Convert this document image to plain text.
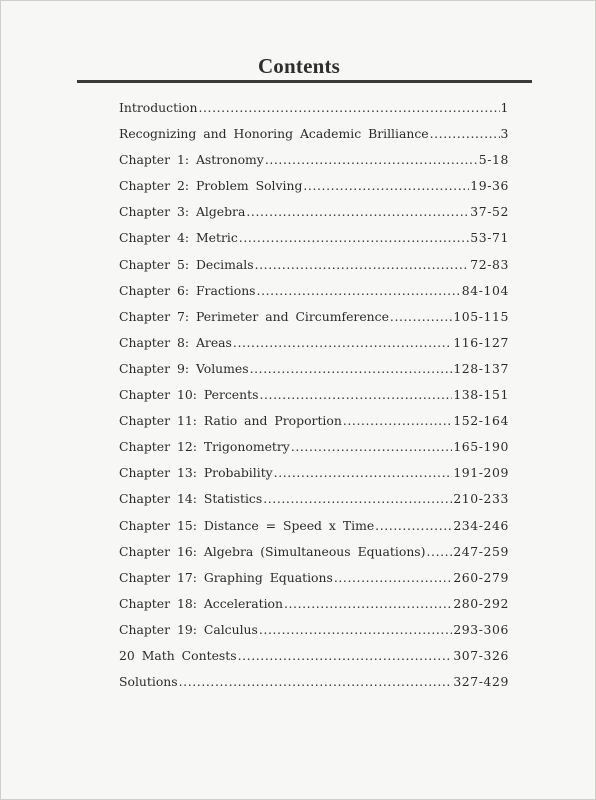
Contents
Introduction .....	1
Recognizing and Honoring Academic Brilliance .....	3
Chapter 1: Astronomy .....	5-18
Chapter 2: Problem Solving .....	19-36
Chapter 3: Algebra .....	37-52
Chapter 4: Metric .....	53-71
Chapter 5: Decimals .....	72-83
Chapter 6: Fractions .....	84-104
Chapter 7: Perimeter and Circumference .....	105-115
Chapter 8: Areas .....	116-127
Chapter 9: Volumes .....	128-137
Chapter 10: Percents .....	138-151
Chapter 11: Ratio and Proportion .....	152-164
Chapter 12: Trigonometry .....	165-190
Chapter 13: Probability .....	191-209
Chapter 14: Statistics .....	210-233
Chapter 15: Distance = Speed x Time .....	234-246
Chapter 16: Algebra (Simultaneous Equations) ..... 247-259
Chapter 17: Graphing Equations .....	260-279
Chapter 18: Acceleration .....	280-292
Chapter 19: Calculus .....	293-306
20 Math Contests .....	307-326
Solutions .....	327-429
